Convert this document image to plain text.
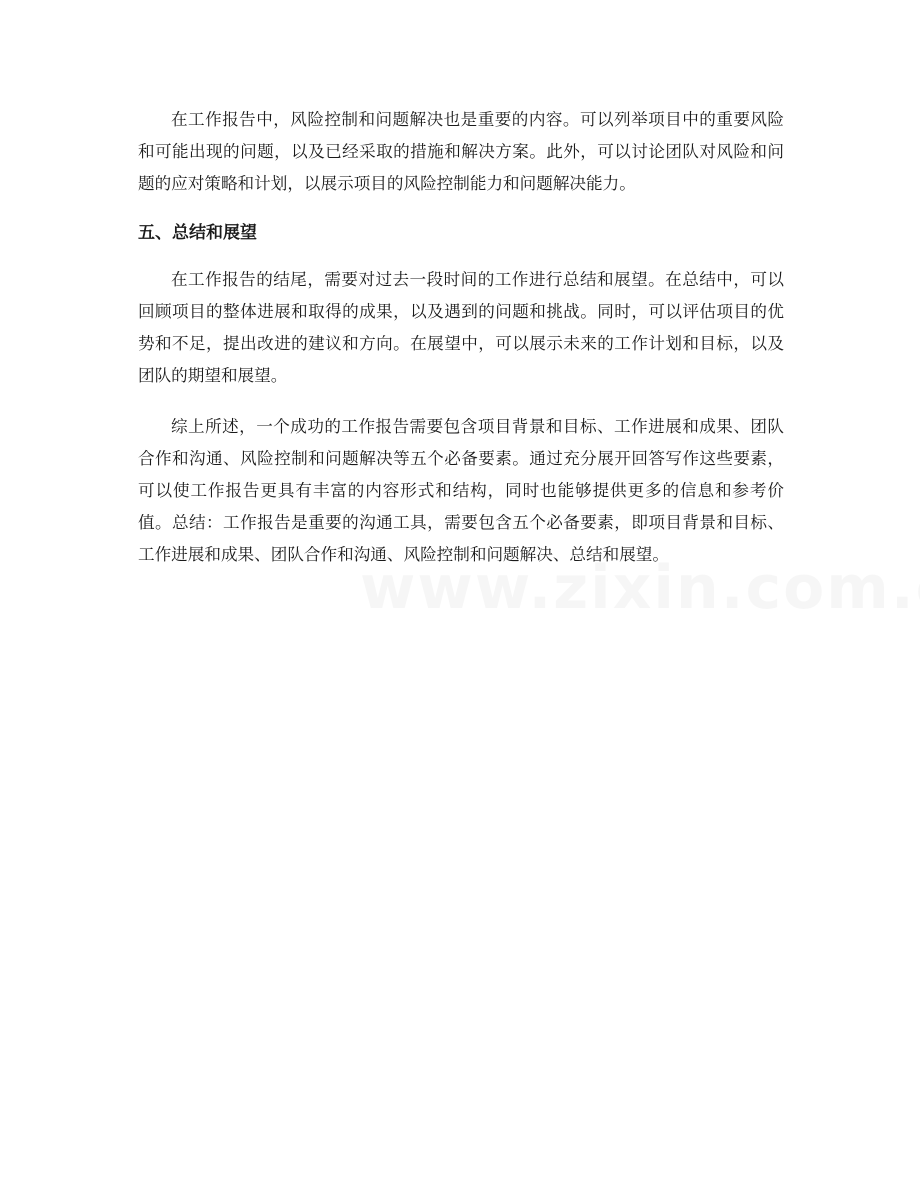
在工作报告中，风险控制和问题解决也是重要的内容。可以列举项目中的重要风险和可能出现的问题，以及已经采取的措施和解决方案。此外，可以讨论团队对风险和问题的应对策略和计划，以展示项目的风险控制能力和问题解决能力。

五、总结和展望

在工作报告的结尾，需要对过去一段时间的工作进行总结和展望。在总结中，可以回顾项目的整体进展和取得的成果，以及遇到的问题和挑战。同时，可以评估项目的优势和不足，提出改进的建议和方向。在展望中，可以展示未来的工作计划和目标，以及团队的期望和展望。

综上所述，一个成功的工作报告需要包含项目背景和目标、工作进展和成果、团队合作和沟通、风险控制和问题解决等五个必备要素。通过充分展开回答写作这些要素，可以使工作报告更具有丰富的内容形式和结构，同时也能够提供更多的信息和参考价值。总结：工作报告是重要的沟通工具，需要包含五个必备要素，即项目背景和目标、工作进展和成果、团队合作和沟通、风险控制和问题解决、总结和展望。
